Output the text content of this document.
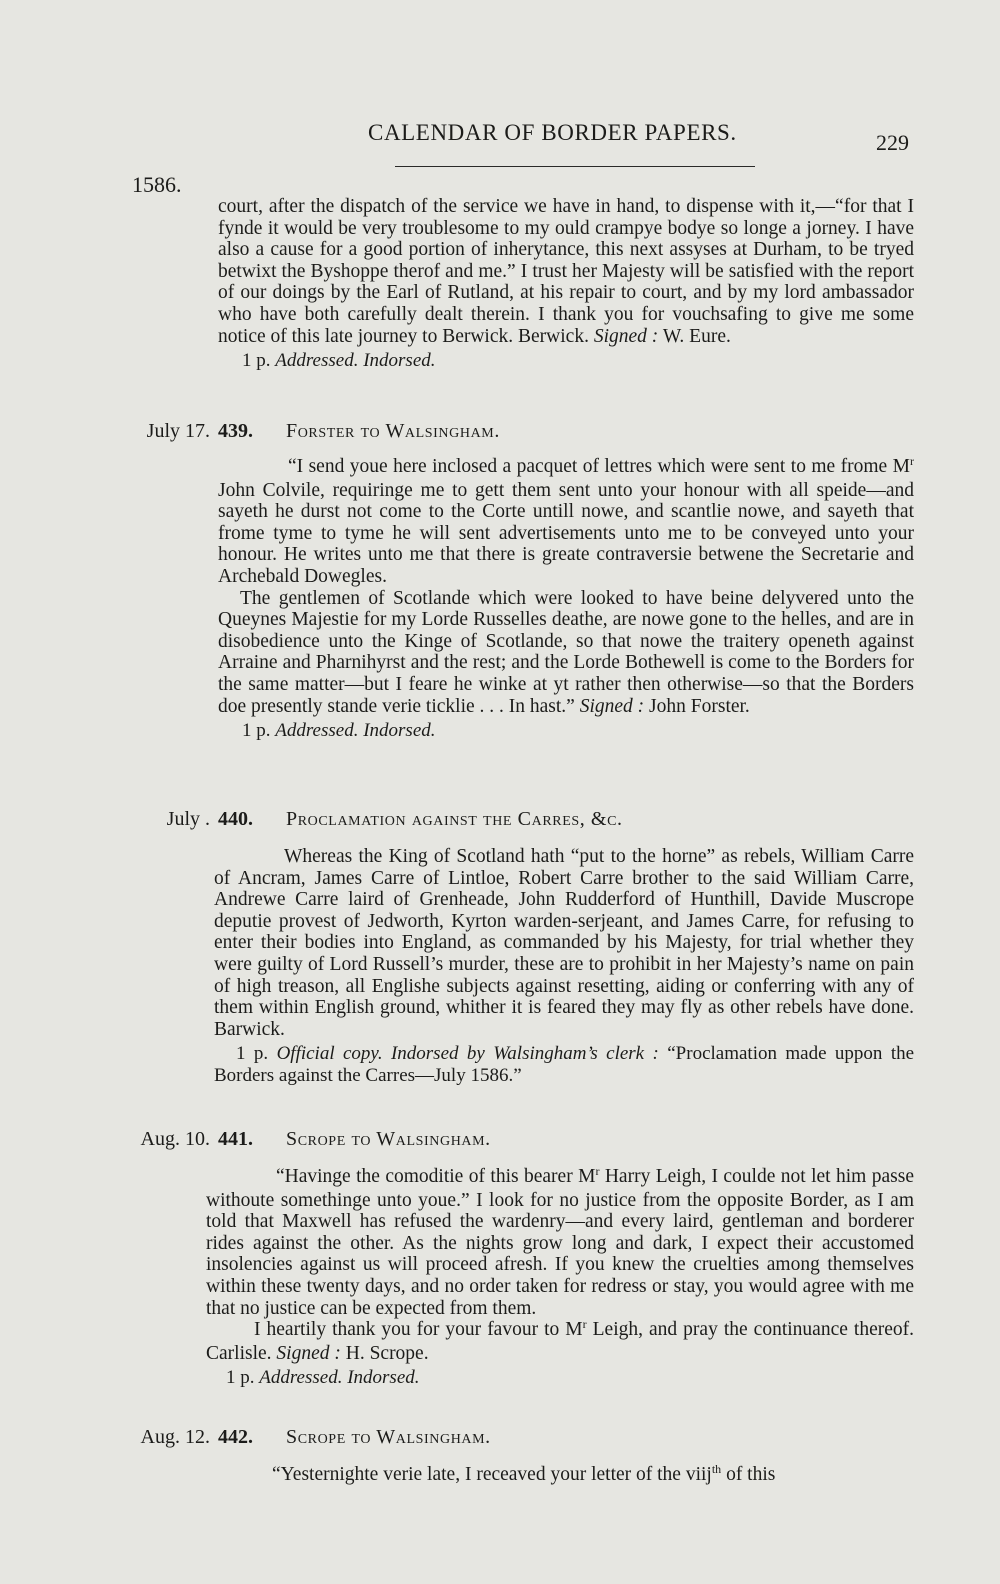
CALENDAR OF BORDER PAPERS.	229
1586.

court, after the dispatch of the service we have in hand, to dispense with it,—“for that I fynde it would be very troublesome to my ould crampye bodye so longe a jorney. I have also a cause for a good portion of inherytance, this next assyses at Durham, to be tryed betwixt the Byshoppe therof and me.” I trust her Majesty will be satisfied with the report of our doings by the Earl of Rutland, at his repair to court, and by my lord ambassador who have both carefully dealt therein. I thank you for vouchsafing to give me some notice of this late journey to Berwick. Berwick. Signed : W. Eure.

1 p. Addressed. Indorsed.

July 17. 439. Forster to Walsingham.

“I send youe here inclosed a pacquet of lettres which were sent to me frome $M^r$ John Colvile, requiringe me to gett them sent unto your honour with all speide—and sayeth he durst not come to the Corte untill nowe, and scantlie nowe, and sayeth that frome tyme to tyme he will sent advertisements unto me to be conveyed unto your honour. He writes unto me that there is greate contraversie betwene the Secretarie and Archebald Dowegles.

The gentlemen of Scotlande which were looked to have beine delyvered unto the Queynes Majestie for my Lorde Russelles deathe, are nowe gone to the helles, and are in disobedience unto the Kinge of Scotlande, so that nowe the traitery openeth against Arraine and Pharnihyrst and the rest; and the Lorde Bothewell is come to the Borders for the same matter—but I feare he winke at yt rather then otherwise—so that the Borders doe presently stande verie ticklie . . . In hast.” Signed : John Forster.

1 p. Addressed. Indorsed.

July . 440. Proclamation against the Carres, &c.

Whereas the King of Scotland hath “put to the horne” as rebels, William Carre of Ancram, James Carre of Lintloe, Robert Carre brother to the said William Carre, Andrewe Carre laird of Grenheade, John Rudderford of Hunthill, Davide Muscrope deputie provest of Jedworth, Kyrton warden-serjeant, and James Carre, for refusing to enter their bodies into England, as commanded by his Majesty, for trial whether they were guilty of Lord Russell’s murder, these are to prohibit in her Majesty’s name on pain of high treason, all Englishe subjects against resetting, aiding or conferring with any of them within English ground, whither it is feared they may fly as other rebels have done. Barwick.

1 p. Official copy. Indorsed by Walsingham’s clerk : “Proclamation made uppon the Borders against the Carres—July 1586.”

Aug. 10. 441. Scrope to Walsingham.

“Havinge the comoditie of this bearer $M^r$ Harry Leigh, I coulde not let him passe withoute somethinge unto youe.” I look for no justice from the opposite Border, as I am told that Maxwell has refused the wardenry—and every laird, gentleman and borderer rides against the other. As the nights grow long and dark, I expect their accustomed insolencies against us will proceed afresh. If you knew the cruelties among themselves within these twenty days, and no order taken for redress or stay, you would agree with me that no justice can be expected from them.

I heartily thank you for your favour to $M^r$ Leigh, and pray the continuance thereof. Carlisle. Signed : H. Scrope.

1 p. Addressed. Indorsed.

Aug. 12. 442. Scrope to Walsingham.

“Yesternighte verie late, I receaved your letter of the viij$^{th}$ of this
